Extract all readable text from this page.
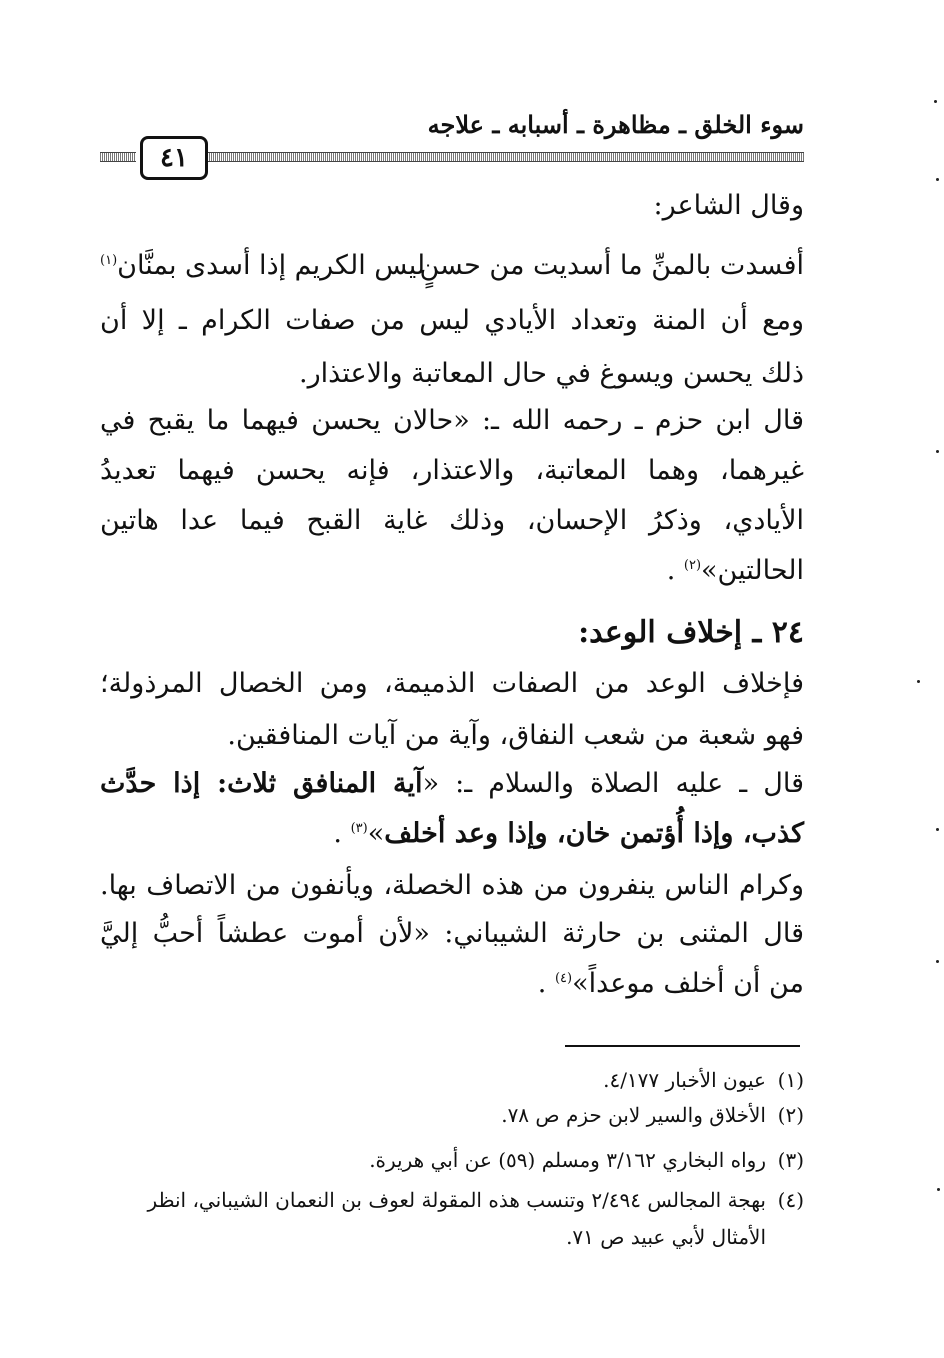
سوء الخلق ـ مظاهرة ـ أسبابه ـ علاجه
٤١
وقال الشاعر:
أفسدت بالمنِّ ما أسديت من حسنٍ
ليس الكريم إذا أسدى بمنَّان$^{(١)}$
ومع أن المنة وتعداد الأيادي ليس من صفات الكرام ـ إلا أن
ذلك يحسن ويسوغ في حال المعاتبة والاعتذار.
قال ابن حزم ـ رحمه الله ـ: «حالان يحسن فيهما ما يقبح في
غيرهما، وهما المعاتبة، والاعتذار، فإنه يحسن فيهما تعديدُ
الأيادي، وذكرُ الإحسان، وذلك غاية القبح فيما عدا هاتين
الحالتين»$^{(٢)}$ .
٢٤ ـ إخلاف الوعد:
فإخلاف الوعد من الصفات الذميمة، ومن الخصال المرذولة؛
فهو شعبة من شعب النفاق، وآية من آيات المنافقين.
قال ـ عليه الصلاة والسلام ـ: «آية المنافق ثلاث: إذا حدَّث
كذب، وإذا أُؤتمن خان، وإذا وعد أخلف»$^{(٣)}$ .
وكرام الناس ينفرون من هذه الخصلة، ويأنفون من الاتصاف بها.
قال المثنى بن حارثة الشيباني: «لأن أموت عطشاً أحبُّ إليَّ
من أن أخلف موعداً»$^{(٤)}$ .
(١)عيون الأخبار ٤/١٧٧.
(٢)الأخلاق والسير لابن حزم ص ٧٨.
(٣)رواه البخاري ٣/١٦٢ ومسلم (٥٩) عن أبي هريرة.
(٤)بهجة المجالس ٢/٤٩٤ وتنسب هذه المقولة لعوف بن النعمان الشيباني، انظر
الأمثال لأبي عبيد ص ٧١.
